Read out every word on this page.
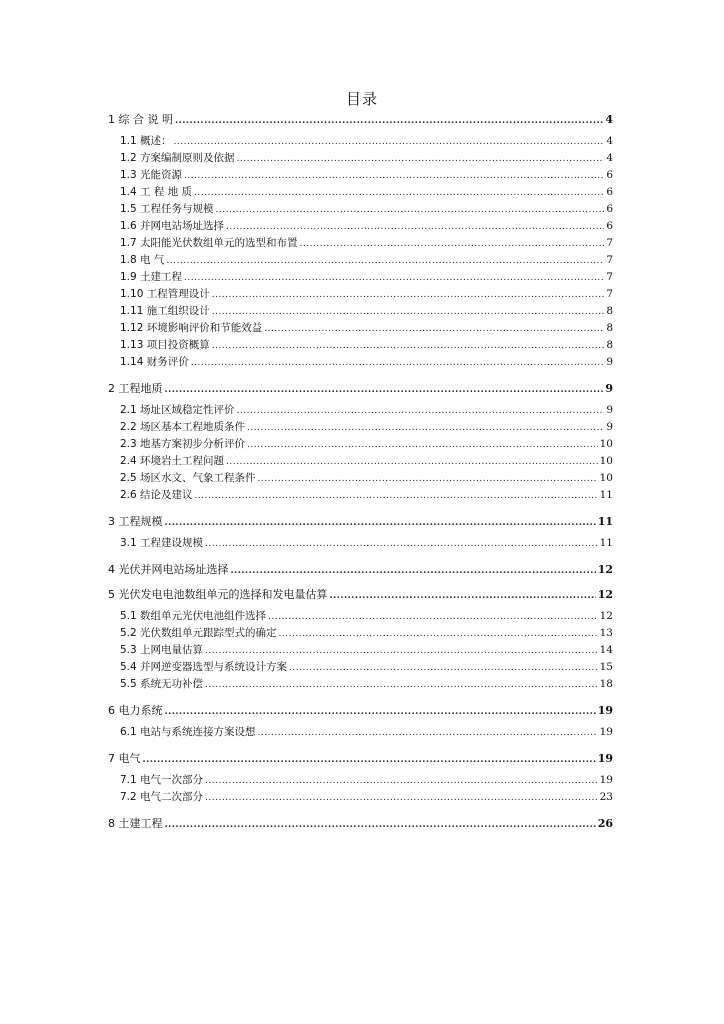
目录
1 综 合 说 明 .....	4
1.1 概述： .....	4
1.2 方案编制原则及依据 .....	4
1.3 光能资源 .....	6
1.4 工 程 地 质 .....	6
1.5 工程任务与规模 .....	6
1.6 并网电站场址选择 .....	6
1.7 太阳能光伏数组单元的选型和布置 .....	7
1.8 电 气 .....	7
1.9 土建工程 .....	7
1.10 工程管理设计 .....	7
1.11 施工组织设计 .....	8
1.12 环境影响评价和节能效益 .....	8
1.13 项目投资概算 .....	8
1.14 财务评价 .....	9
2 工程地质 .....	9
2.1 场址区域稳定性评价 .....	9
2.2 场区基本工程地质条件 .....	9
2.3 地基方案初步分析评价 .....	10
2.4 环境岩土工程问题 .....	10
2.5 场区水文、气象工程条件 .....	10
2.6 结论及建议 .....	11
3 工程规模 .....	11
3.1 工程建设规模 .....	11
4 光伏并网电站场址选择 .....	12
5 光伏发电电池数组单元的选择和发电量估算 .....	12
5.1 数组单元光伏电池组件选择 .....	12
5.2 光伏数组单元跟踪型式的确定 .....	13
5.3 上网电量估算 .....	14
5.4 并网逆变器选型与系统设计方案 .....	15
5.5 系统无功补偿 .....	18
6 电力系统 .....	19
6.1 电站与系统连接方案设想 .....	19
7 电气 .....	19
7.1 电气一次部分 .....	19
7.2 电气二次部分 .....	23
8 土建工程 .....	26
